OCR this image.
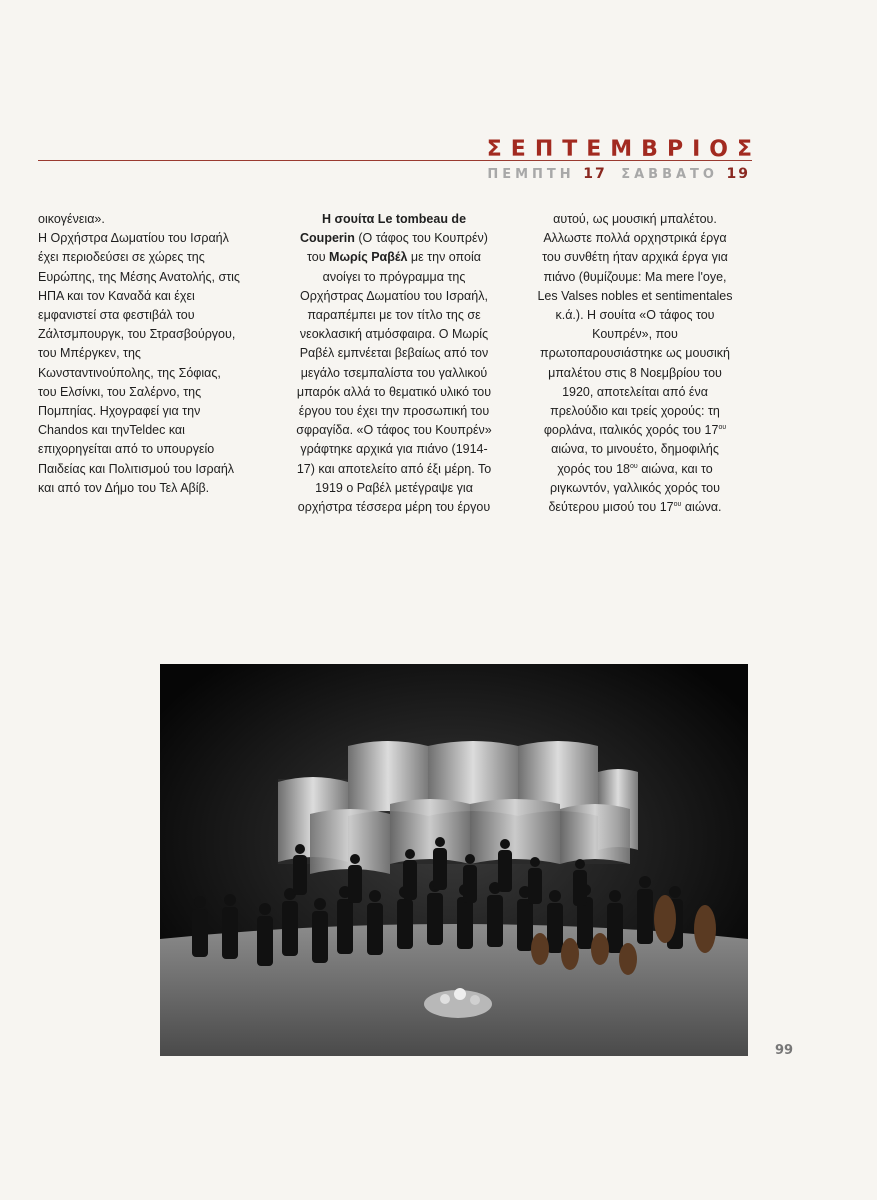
ΣΕΠΤΕΜΒΡΙΟΣ
ΠΕΜΠΤΗ 17 ΣΑΒΒΑΤΟ 19

οικογένεια».

Η Ορχήστρα Δωματίου του Ισραήλ

έχει περιοδεύσει σε χώρες της

Ευρώπης, της Μέσης Ανατολής, στις

ΗΠΑ και τον Καναδά και έχει

εμφανιστεί στα φεστιβάλ του

Ζάλτσμπουργκ, του Στρασβούργου,

του Μπέργκεν, της

Κωνσταντινούπολης, της Σόφιας,

του Ελσίνκι, του Σαλέρνο, της

Πομπηίας. Ηχογραφεί για την

Chandos και τηνTeldec και

επιχορηγείται από το υπουργείο

Παιδείας και Πολιτισμού του Ισραήλ

και από τον Δήμο του Τελ Αβίβ.

Η σουίτα Le tombeau de

Couperin (Ο τάφος του Κουπρέν)

του Μωρίς Ραβέλ με την οποία

ανοίγει το πρόγραμμα της

Ορχήστρας Δωματίου του Ισραήλ,

παραπέμπει με τον τίτλο της σε

νεοκλασική ατμόσφαιρα. Ο Μωρίς

Ραβέλ εμπνέεται βεβαίως από τον

μεγάλο τσεμπαλίστα του γαλλικού

μπαρόκ αλλά το θεματικό υλικό του

έργου του έχει την προσωπική του

σφραγίδα. «Ο τάφος του Κουπρέν»

γράφτηκε αρχικά για πιάνο (1914-

17) και αποτελείτο από έξι μέρη. Το

1919 ο Ραβέλ μετέγραψε για

ορχήστρα τέσσερα μέρη του έργου

αυτού, ως μουσική μπαλέτου.

Αλλωστε πολλά ορχηστρικά έργα

του συνθέτη ήταν αρχικά έργα για

πιάνο (θυμίζουμε: Ma mere l'oye,

Les Valses nobles et sentimentales

κ.ά.). Η σουίτα «Ο τάφος του

Κουπρέν», που

πρωτοπαρουσιάστηκε ως μουσική

μπαλέτου στις 8 Νοεμβρίου του

1920, αποτελείται από ένα

πρελούδιο και τρείς χορούς: τη

φορλάνα, ιταλικός χορός του $17^{o\upsilon}$

αιώνα, το μινουέτο, δημοφιλής

χορός του $18^{o\upsilon}$ αιώνα, και το

ριγκωντόν, γαλλικός χορός του

δεύτερου μισού του $17^{o\upsilon}$ αιώνα.

99
